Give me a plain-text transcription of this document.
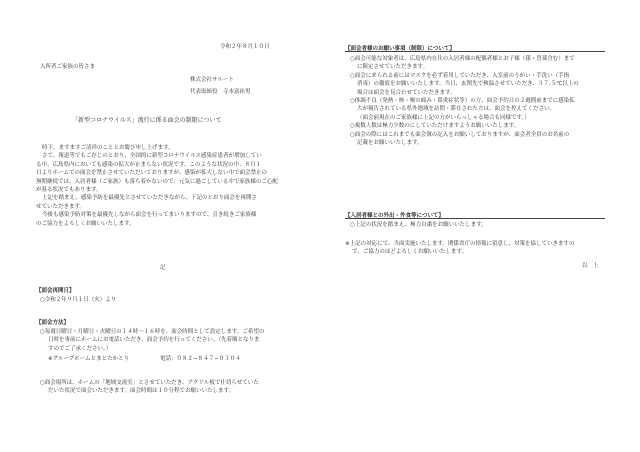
令和２年８月１０日
入所者ご家族の皆さま
株式会社サルート
代表取締役　寺本富祐男
「新型コロナウイルス」流行に係る面会の制限について
時下、ますますご清祥のこととお慶び申し上げます。
さて、報道等でもご存じのとおり、全国的に新型コロナウイルス感染症患者が増加してい
る中、広島県内においても感染の拡大が止まらない状況です。このような状況の中、８月１
日よりホームでの面会を禁止させていただいておりますが、感染が拡大しない中で面会禁止の
無期継続では、入居者様（ご家族）も落ち着かないので、元気に過ごしている中で家族様のご心配
が募る状況でもあります。
上記を踏まえ、感染予防を最優先とさせていただきながら、下記のとおり面会を再開さ
せていただきます。
今後も感染予防対策を最優先しながら面会を行ってまいりますので、引き続きご家族様
のご協力をよろしくお願いいたします。
記
【面会再開日】
○令和２年９月１日（火）より
【面会方法】
○毎週日曜日・月曜日・火曜日の１４時〜１６時を、面会時間として設定します。ご希望の
日時を事前にホームにお電話いただき、面会予約を行ってください。（先着順となりま
すのでご了承ください。）
※グループホームとまとたかとり	電話：０８２−８４７−０３０４
○面会場所は、ホームの「地域交流室」とさせていただき、アクリル板で仕切らせていた
だいた状況で面会いただきます。面会時間は１０分程でお願いいたします。
【面会者様のお願い事項（制限）について】
○面会可能な対象者は、広島県内在住の入居者様の配偶者様とお子様（孫・曽孫含む）まで
に限定させていただきます。
○面会に来られる前にはマスクを必ず着用していただき、入室前のうがい・手洗い（手指
消毒）の徹底をお願いいたします。当日、玄関先で検温させていただき、３７.５℃以上の
場合は面会を見合わせていただきます。
○体調不良（発熱・咳・喉の痛み・鼻炎症状等）の方、面会予約日の２週間前までに感染拡
大が報告されている県外地域を訪問・滞在された方は、面会を控えてください。
（面会前現在のご家族様に上記の方がいらっしゃる場合も同様です。）
○複数人数は極力少数のにしていただけますようお願いいたします。
○面会の際にはこれまでも面会簿の記入をお願いしておりますが、面会者全員のお名前の
記載をお願いいたします。
【入居者様との外出・外食等について】
○上記の状況を踏まえ、極力自粛をお願いいたします。
※上記の対応にて、当面実施いたします。関係省庁の情報に留意し、対策を協していきますの
で、ご協力のほどよろしくお願いいたします。
以　上
